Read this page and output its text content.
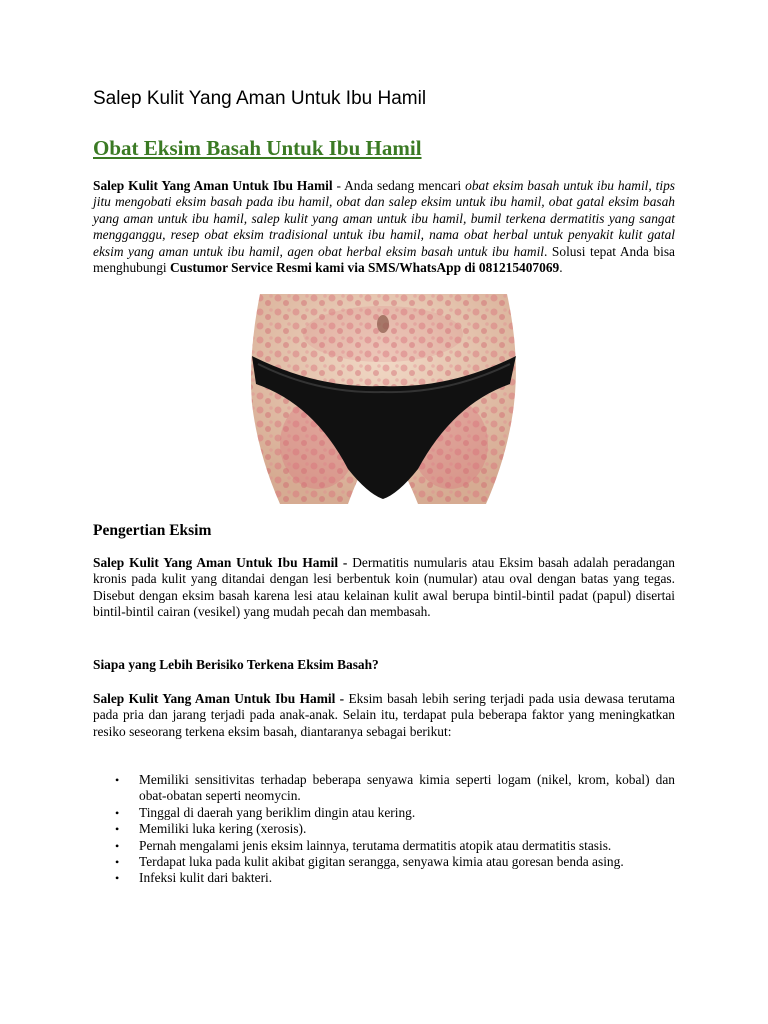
Salep Kulit Yang Aman Untuk Ibu Hamil
Obat Eksim Basah Untuk Ibu Hamil

Salep Kulit Yang Aman Untuk Ibu Hamil - Anda sedang mencari obat eksim basah untuk ibu hamil, tips jitu mengobati eksim basah pada ibu hamil, obat dan salep eksim untuk ibu hamil, obat gatal eksim basah yang aman untuk ibu hamil, salep kulit yang aman untuk ibu hamil, bumil terkena dermatitis yang sangat mengganggu, resep obat eksim tradisional untuk ibu hamil, nama obat herbal untuk penyakit kulit gatal eksim yang aman untuk ibu hamil, agen obat herbal eksim basah untuk ibu hamil. Solusi tepat Anda bisa menghubungi Custumor Service Resmi kami via SMS/WhatsApp di 081215407069.

Pengertian Eksim

Salep Kulit Yang Aman Untuk Ibu Hamil - Dermatitis numularis atau Eksim basah adalah peradangan kronis pada kulit yang ditandai dengan lesi berbentuk koin (numular) atau oval dengan batas yang tegas. Disebut dengan eksim basah karena lesi atau kelainan kulit awal berupa bintil-bintil padat (papul) disertai bintil-bintil cairan (vesikel) yang mudah pecah dan membasah.

Siapa yang Lebih Berisiko Terkena Eksim Basah?

Salep Kulit Yang Aman Untuk Ibu Hamil - Eksim basah lebih sering terjadi pada usia dewasa terutama pada pria dan jarang terjadi pada anak-anak. Selain itu, terdapat pula beberapa faktor yang meningkatkan resiko seseorang terkena eksim basah, diantaranya sebagai berikut:

• Memiliki sensitivitas terhadap beberapa senyawa kimia seperti logam (nikel, krom, kobal) dan obat-obatan seperti neomycin.
• Tinggal di daerah yang beriklim dingin atau kering.
• Memiliki luka kering (xerosis).
• Pernah mengalami jenis eksim lainnya, terutama dermatitis atopik atau dermatitis stasis.
• Terdapat luka pada kulit akibat gigitan serangga, senyawa kimia atau goresan benda asing.
• Infeksi kulit dari bakteri.
